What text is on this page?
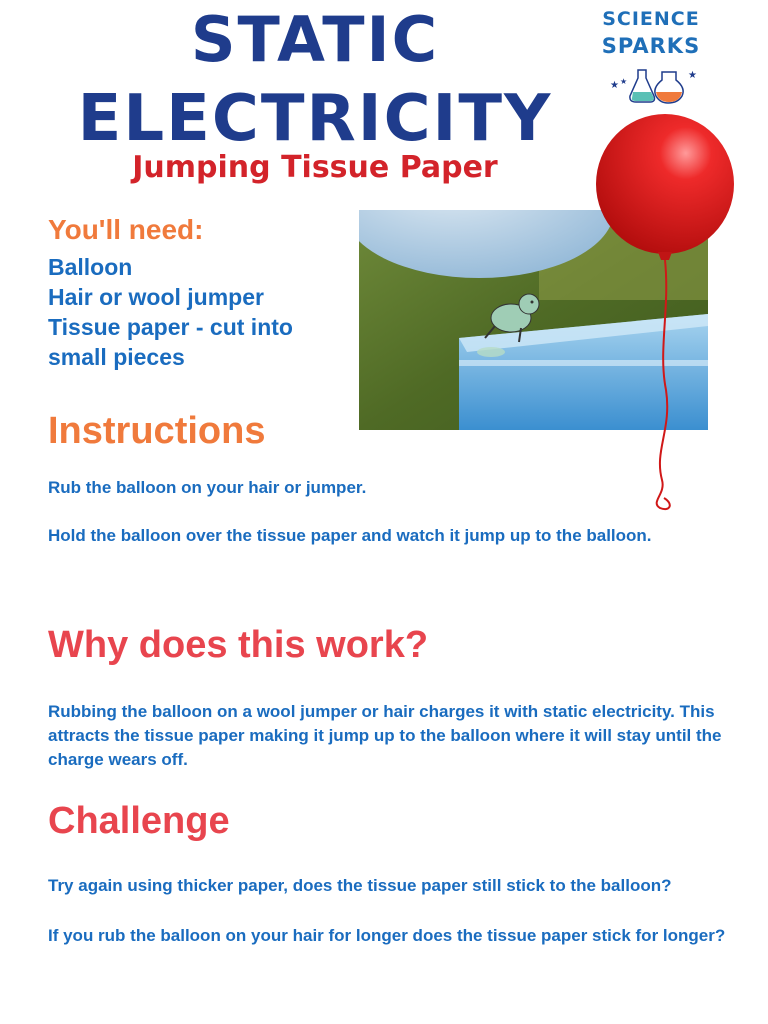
STATIC
ELECTRICITY
Jumping Tissue Paper
SCIENCE
SPARKS
★ ★
★
You'll need:
Balloon
Hair or wool jumper
Tissue paper - cut into
small pieces
Instructions

Rub the balloon on your hair or jumper.

Hold the balloon over the tissue paper and watch it jump up to the balloon.

Why does this work?

Rubbing the balloon on a wool jumper or hair charges it with static electricity. This attracts the tissue paper making it jump up to the balloon where it will stay until the charge wears off.

Challenge

Try again using thicker paper, does the tissue paper still stick to the balloon?

If you rub the balloon on your hair for longer does the tissue paper stick for longer?
